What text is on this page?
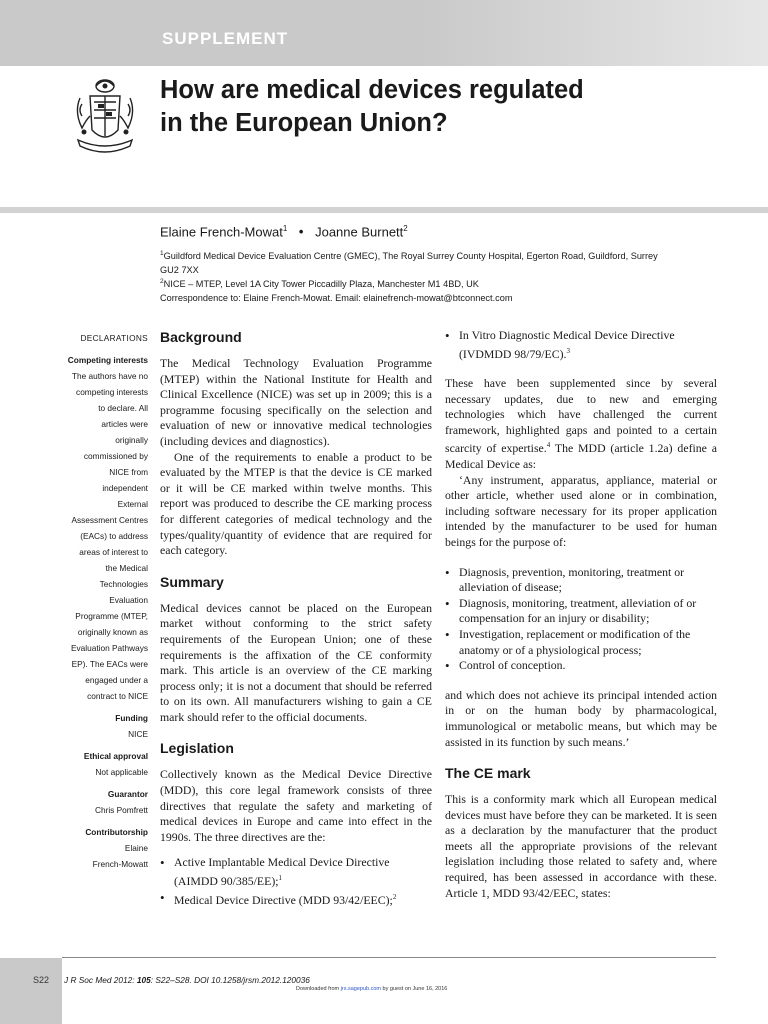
SUPPLEMENT
How are medical devices regulated
in the European Union?
Elaine French-Mowat$^1$ • Joanne Burnett$^2$
$^1$Guildford Medical Device Evaluation Centre (GMEC), The Royal Surrey County Hospital, Egerton Road, Guildford, Surrey
GU2 7XX
$^2$NICE – MTEP, Level 1A City Tower Piccadilly Plaza, Manchester M1 4BD, UK
Correspondence to: Elaine French-Mowat. Email: elainefrench-mowat@btconnect.com
DECLARATIONS
Competing interests
The authors have no
competing interests
to declare. All
articles were
originally
commissioned by
NICE from
independent
External
Assessment Centres
(EACs) to address
areas of interest to
the Medical
Technologies
Evaluation
Programme (MTEP,
originally known as
Evaluation Pathways
EP). The EACs were
engaged under a
contract to NICE
Funding
NICE
Ethical approval
Not applicable
Guarantor
Chris Pomfrett
Contributorship
Elaine
French-Mowatt
Background

The Medical Technology Evaluation Programme (MTEP) within the National Institute for Health and Clinical Excellence (NICE) was set up in 2009; this is a programme focusing specifically on the selection and evaluation of new or innovative medical technologies (including devices and diagnostics).

One of the requirements to enable a product to be evaluated by the MTEP is that the device is CE marked or it will be CE marked within twelve months. This report was produced to describe the CE marking process for different categories of medical technology and the types/quality/quantity of evidence that are required for each category.

Summary

Medical devices cannot be placed on the European market without conforming to the strict safety requirements of the European Union; one of these requirements is the affixation of the CE conformity mark. This article is an overview of the CE marking process only; it is not a document that should be referred to on its own. All manufacturers wishing to gain a CE mark should refer to the official documents.

Legislation

Collectively known as the Medical Device Directive (MDD), this core legal framework consists of three directives that regulate the safety and marketing of medical devices in Europe and came into effect in the 1990s. The three directives are the:

• Active Implantable Medical Device Directive (AIMDD 90/385/EE);$^1$
• Medical Device Directive (MDD 93/42/EEC);$^2$
• In Vitro Diagnostic Medical Device Directive (IVDMDD 98/79/EC).$^3$

These have been supplemented since by several necessary updates, due to new and emerging technologies which have challenged the current framework, highlighted gaps and pointed to a certain scarcity of expertise.$^4$ The MDD (article 1.2a) define a Medical Device as:

‘Any instrument, apparatus, appliance, material or other article, whether used alone or in combination, including software necessary for its proper application intended by the manufacturer to be used for human beings for the purpose of:

• Diagnosis, prevention, monitoring, treatment or alleviation of disease;
• Diagnosis, monitoring, treatment, alleviation of or compensation for an injury or disability;
• Investigation, replacement or modification of the anatomy or of a physiological process;
• Control of conception.

and which does not achieve its principal intended action in or on the human body by pharmacological, immunological or metabolic means, but which may be assisted in its function by such means.’

The CE mark

This is a conformity mark which all European medical devices must have before they can be marketed. It is seen as a declaration by the manufacturer that the product meets all the appropriate provisions of the relevant legislation including those related to safety and, where required, has been assessed in accordance with these. Article 1, MDD 93/42/EEC, states:

S22 J R Soc Med 2012: 105: S22–S28. DOI 10.1258/jrsm.2012.120036
Downloaded from jrs.sagepub.com by guest on June 16, 2016
